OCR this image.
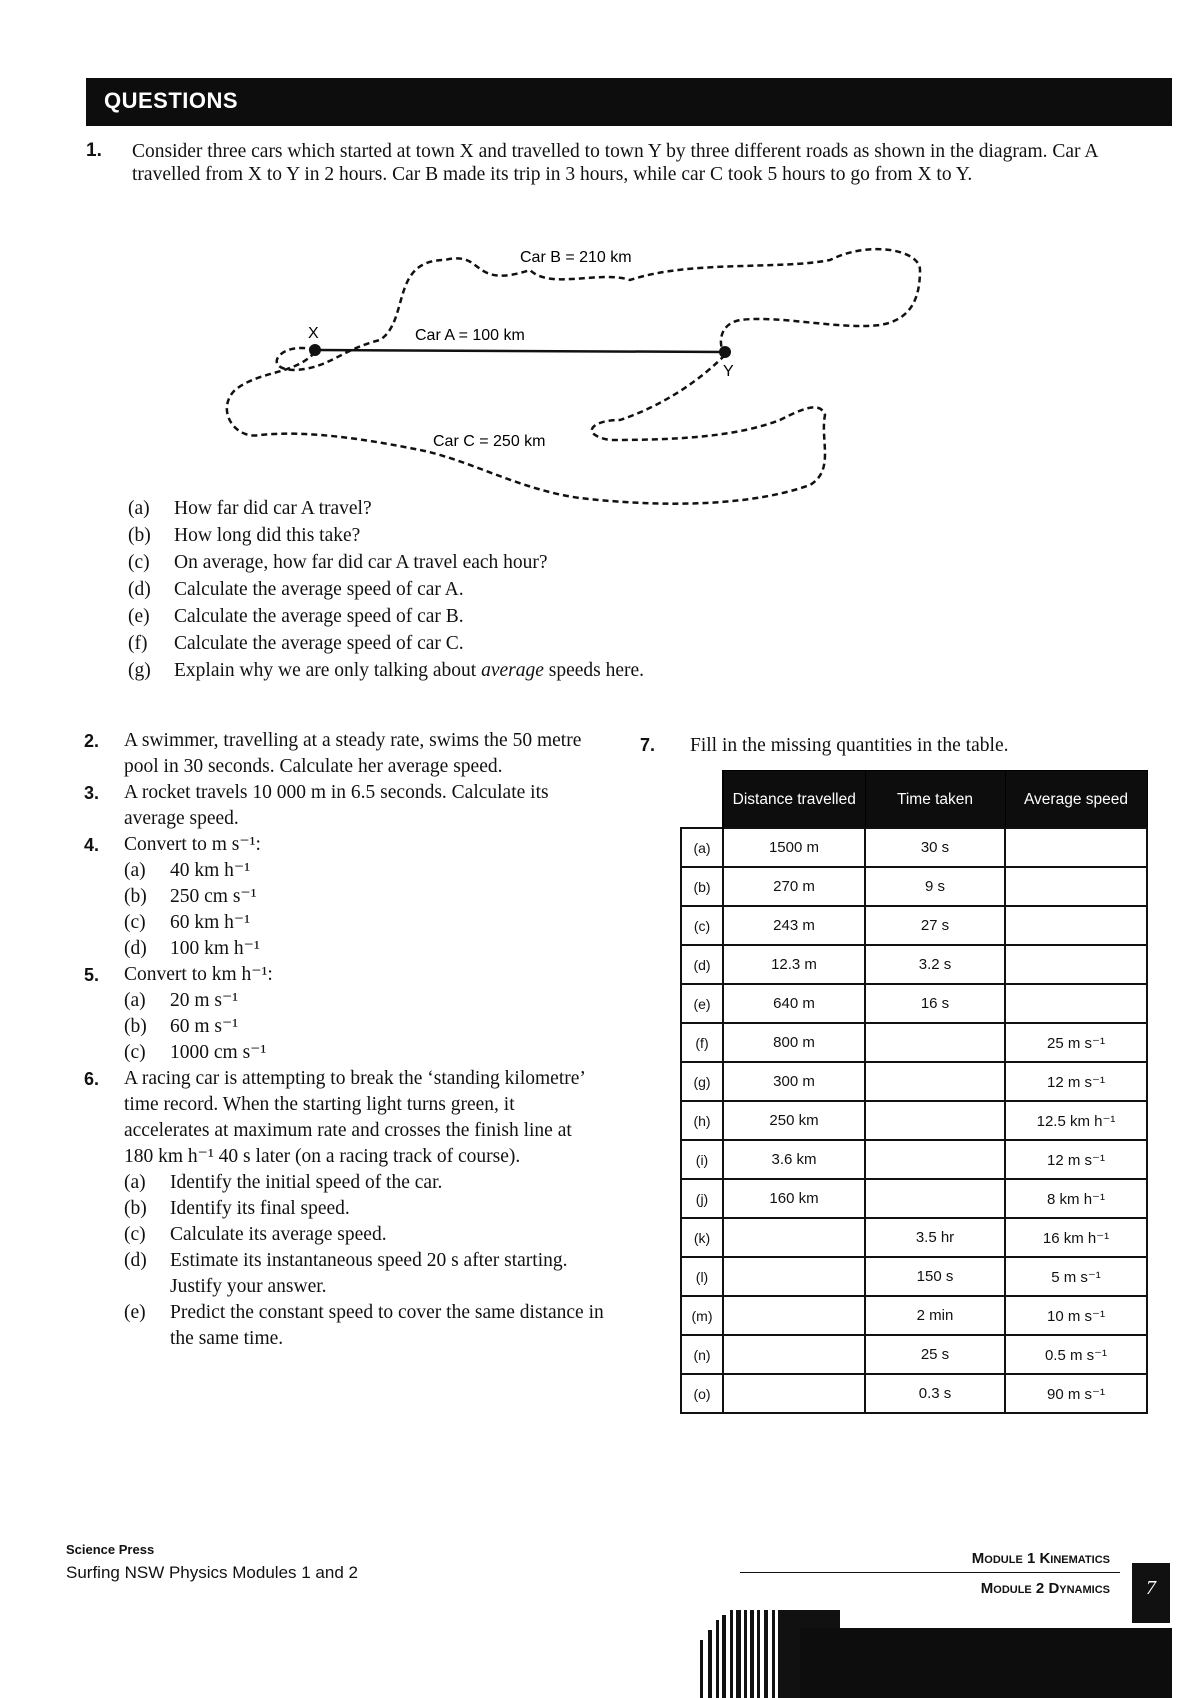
QUESTIONS
1. Consider three cars which started at town X and travelled to town Y by three different roads as shown in the diagram. Car A travelled from X to Y in 2 hours. Car B made its trip in 3 hours, while car C took 5 hours to go from X to Y.
X
Y
Car A = 100 km
Car B = 210 km
Car C = 250 km
(a) How far did car A travel?
(b) How long did this take?
(c) On average, how far did car A travel each hour?
(d) Calculate the average speed of car A.
(e) Calculate the average speed of car B.
(f) Calculate the average speed of car C.
(g) Explain why we are only talking about average speeds here.
2. A swimmer, travelling at a steady rate, swims the 50 metre pool in 30 seconds. Calculate her average speed.
3. A rocket travels 10 000 m in 6.5 seconds. Calculate its average speed.
4. Convert to m s⁻¹:
(a) 40 km h⁻¹
(b) 250 cm s⁻¹
(c) 60 km h⁻¹
(d) 100 km h⁻¹
5. Convert to km h⁻¹:
(a) 20 m s⁻¹
(b) 60 m s⁻¹
(c) 1000 cm s⁻¹
6. A racing car is attempting to break the ‘standing kilometre’ time record. When the starting light turns green, it accelerates at maximum rate and crosses the finish line at 180 km h⁻¹ 40 s later (on a racing track of course).
(a) Identify the initial speed of the car.
(b) Identify its final speed.
(c) Calculate its average speed.
(d) Estimate its instantaneous speed 20 s after starting. Justify your answer.
(e) Predict the constant speed to cover the same distance in the same time.
7. Fill in the missing quantities in the table.
	Distance travelled	Time taken	Average speed
(a)	1500 m	30 s	
(b)	270 m	9 s	
(c)	243 m	27 s	
(d)	12.3 m	3.2 s	
(e)	640 m	16 s	
(f)	800 m		25 m s⁻¹
(g)	300 m		12 m s⁻¹
(h)	250 km		12.5 km h⁻¹
(i)	3.6 km		12 m s⁻¹
(j)	160 km		8 km h⁻¹
(k)		3.5 hr	16 km h⁻¹
(l)		150 s	5 m s⁻¹
(m)		2 min	10 m s⁻¹
(n)		25 s	0.5 m s⁻¹
(o)		0.3 s	90 m s⁻¹
Science Press
Surfing NSW Physics Modules 1 and 2
Module 1 Kinematics
Module 2 Dynamics	7
